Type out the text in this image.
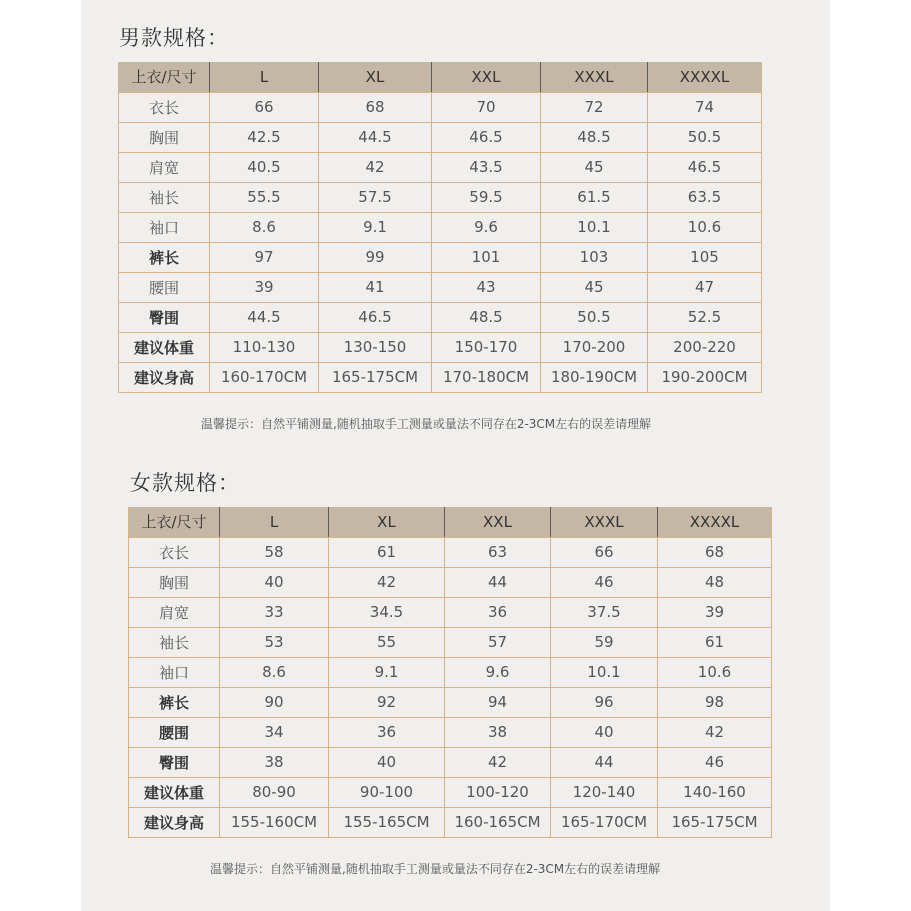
男款规格：
上衣/尺寸	L	XL	XXL	XXXL	XXXXL
衣长	66	68	70	72	74
胸围	42.5	44.5	46.5	48.5	50.5
肩宽	40.5	42	43.5	45	46.5
袖长	55.5	57.5	59.5	61.5	63.5
袖口	8.6	9.1	9.6	10.1	10.6
裤长	97	99	101	103	105
腰围	39	41	43	45	47
臀围	44.5	46.5	48.5	50.5	52.5
建议体重	110-130	130-150	150-170	170-200	200-220
建议身高	160-170CM	165-175CM	170-180CM	180-190CM	190-200CM
温馨提示：自然平铺测量,随机抽取手工测量或量法不同存在2-3CM左右的误差请理解
女款规格：
上衣/尺寸	L	XL	XXL	XXXL	XXXXL
衣长	58	61	63	66	68
胸围	40	42	44	46	48
肩宽	33	34.5	36	37.5	39
袖长	53	55	57	59	61
袖口	8.6	9.1	9.6	10.1	10.6
裤长	90	92	94	96	98
腰围	34	36	38	40	42
臀围	38	40	42	44	46
建议体重	80-90	90-100	100-120	120-140	140-160
建议身高	155-160CM	155-165CM	160-165CM	165-170CM	165-175CM
温馨提示：自然平铺测量,随机抽取手工测量或量法不同存在2-3CM左右的误差请理解
